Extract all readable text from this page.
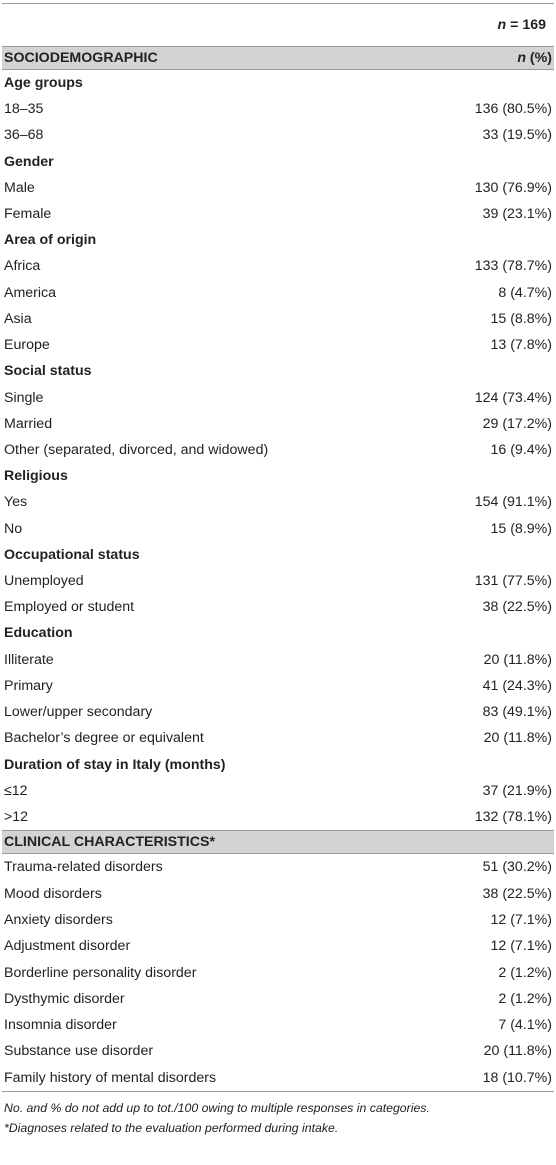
n = 169
SOCIODEMOGRAPHIC	n (%)
Age groups
18–35	136 (80.5%)
36–68	33 (19.5%)
Gender
Male	130 (76.9%)
Female	39 (23.1%)
Area of origin
Africa	133 (78.7%)
America	8 (4.7%)
Asia	15 (8.8%)
Europe	13 (7.8%)
Social status
Single	124 (73.4%)
Married	29 (17.2%)
Other (separated, divorced, and widowed)	16 (9.4%)
Religious
Yes	154 (91.1%)
No	15 (8.9%)
Occupational status
Unemployed	131 (77.5%)
Employed or student	38 (22.5%)
Education
Illiterate	20 (11.8%)
Primary	41 (24.3%)
Lower/upper secondary	83 (49.1%)
Bachelor’s degree or equivalent	20 (11.8%)
Duration of stay in Italy (months)
≤12	37 (21.9%)
>12	132 (78.1%)
CLINICAL CHARACTERISTICS*
Trauma-related disorders	51 (30.2%)
Mood disorders	38 (22.5%)
Anxiety disorders	12 (7.1%)
Adjustment disorder	12 (7.1%)
Borderline personality disorder	2 (1.2%)
Dysthymic disorder	2 (1.2%)
Insomnia disorder	7 (4.1%)
Substance use disorder	20 (11.8%)
Family history of mental disorders	18 (10.7%)
No. and % do not add up to tot./100 owing to multiple responses in categories.
*Diagnoses related to the evaluation performed during intake.
